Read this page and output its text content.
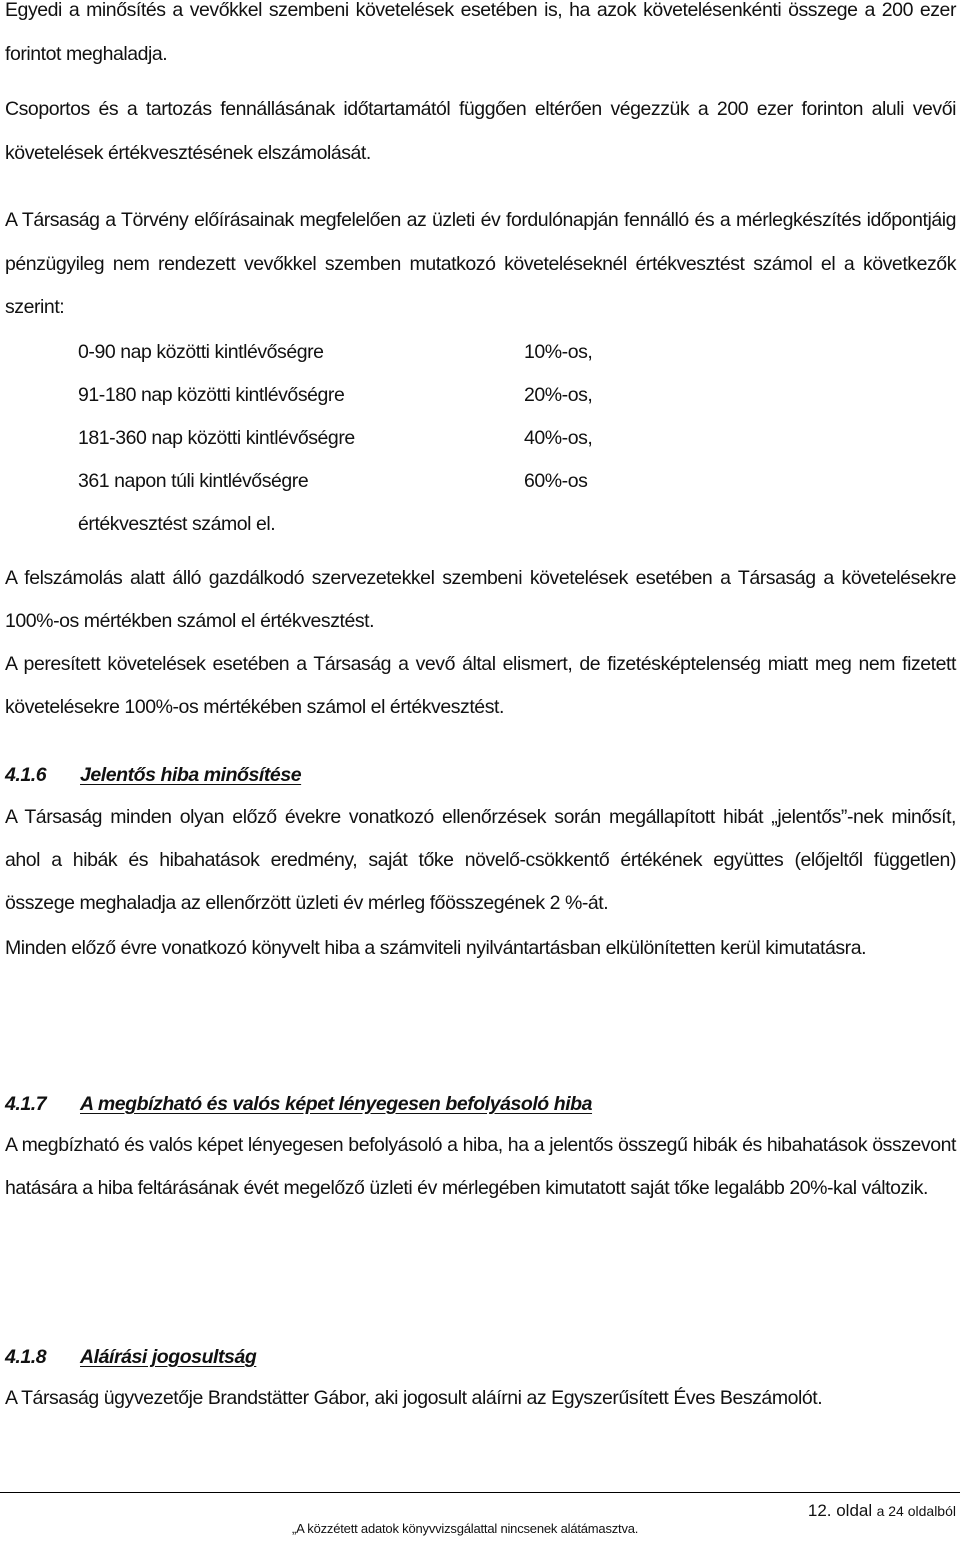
Egyedi a minősítés a vevőkkel szembeni követelések esetében is, ha azok követelésenkénti összege a 200 ezer forintot meghaladja.

Csoportos és a tartozás fennállásának időtartamától függően eltérően végezzük a 200 ezer forinton aluli vevői követelések értékvesztésének elszámolását.

A Társaság a Törvény előírásainak megfelelően az üzleti év fordulónapján fennálló és a mérlegkészítés időpontjáig pénzügyileg nem rendezett vevőkkel szemben mutatkozó követeléseknél értékvesztést számol el a következők szerint:

0-90 nap közötti kintlévőségre	10%-os,
91-180 nap közötti kintlévőségre	20%-os,
181-360 nap közötti kintlévőségre	40%-os,
361 napon túli kintlévőségre	60%-os
értékvesztést számol el.

A felszámolás alatt álló gazdálkodó szervezetekkel szembeni követelések esetében a Társaság a követelésekre 100%-os mértékben számol el értékvesztést.

A peresített követelések esetében a Társaság a vevő által elismert, de fizetésképtelenség miatt meg nem fizetett követelésekre 100%-os mértékében számol el értékvesztést.

4.1.6 Jelentős hiba minősítése

A Társaság minden olyan előző évekre vonatkozó ellenőrzések során megállapított hibát „jelentős”-nek minősít, ahol a hibák és hibahatások eredmény, saját tőke növelő-csökkentő értékének együttes (előjeltől független) összege meghaladja az ellenőrzött üzleti év mérleg főösszegének 2 %-át.

Minden előző évre vonatkozó könyvelt hiba a számviteli nyilvántartásban elkülönítetten kerül kimutatásra.

4.1.7 A megbízható és valós képet lényegesen befolyásoló hiba

A megbízható és valós képet lényegesen befolyásoló a hiba, ha a jelentős összegű hibák és hibahatások összevont hatására a hiba feltárásának évét megelőző üzleti év mérlegében kimutatott saját tőke legalább 20%-kal változik.

4.1.8 Aláírási jogosultság

A Társaság ügyvezetője Brandstätter Gábor, aki jogosult aláírni az Egyszerűsített Éves Beszámolót.

12. oldal a 24 oldalból
„A közzétett adatok könyvvizsgálattal nincsenek alátámasztva.
